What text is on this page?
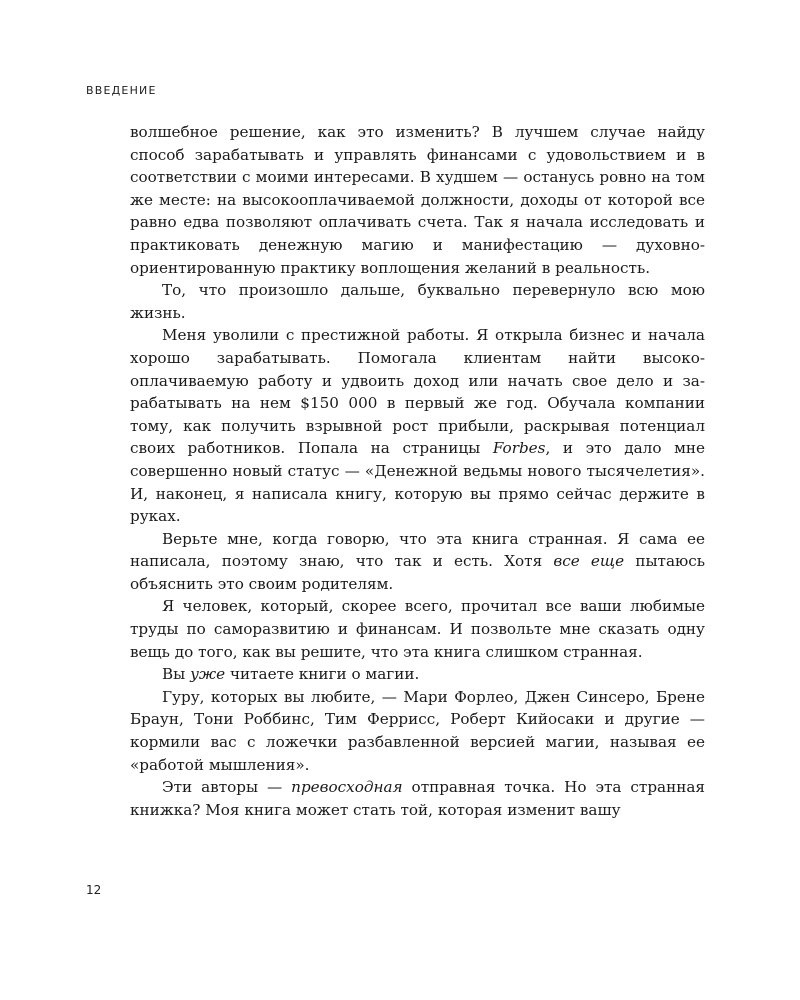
ВВЕДЕНИЕ

волшебное решение, как это изменить? В лучшем случае найду способ зарабатывать и управлять финансами с удовольствием и в соответствии с моими интересами. В худшем — останусь ровно на том же месте: на высокооплачиваемой должности, доходы от которой все равно едва позволяют оплачивать счета. Так я начала исследовать и практиковать денежную магию и манифестацию — духовно-ориентированную практику воплощения желаний в реальность.

То, что произошло дальше, буквально перевернуло всю мою жизнь.

Меня уволили с престижной работы. Я открыла бизнес и начала хорошо зарабатывать. Помогала клиентам найти высокооплачиваемую работу и удвоить доход или начать свое дело и зарабатывать на нем $150 000 в первый же год. Обучала компании тому, как получить взрывной рост прибыли, раскрывая потенциал своих работников. Попала на страницы Forbes, и это дало мне совершенно новый статус — «Денежной ведьмы нового тысячелетия». И, наконец, я написала книгу, которую вы прямо сейчас держите в руках.

Верьте мне, когда говорю, что эта книга странная. Я сама ее написала, поэтому знаю, что так и есть. Хотя все еще пытаюсь объяснить это своим родителям.

Я человек, который, скорее всего, прочитал все ваши любимые труды по саморазвитию и финансам. И позвольте мне сказать одну вещь до того, как вы решите, что эта книга слишком странная.

Вы уже читаете книги о магии.

Гуру, которых вы любите, — Мари Форлео, Джен Синсеро, Брене Браун, Тони Роббинс, Тим Феррисс, Роберт Кийосаки и другие — кормили вас с ложечки разбавленной версией магии, называя ее «работой мышления».

Эти авторы — превосходная отправная точка. Но эта странная книжка? Моя книга может стать той, которая изменит вашу

12
